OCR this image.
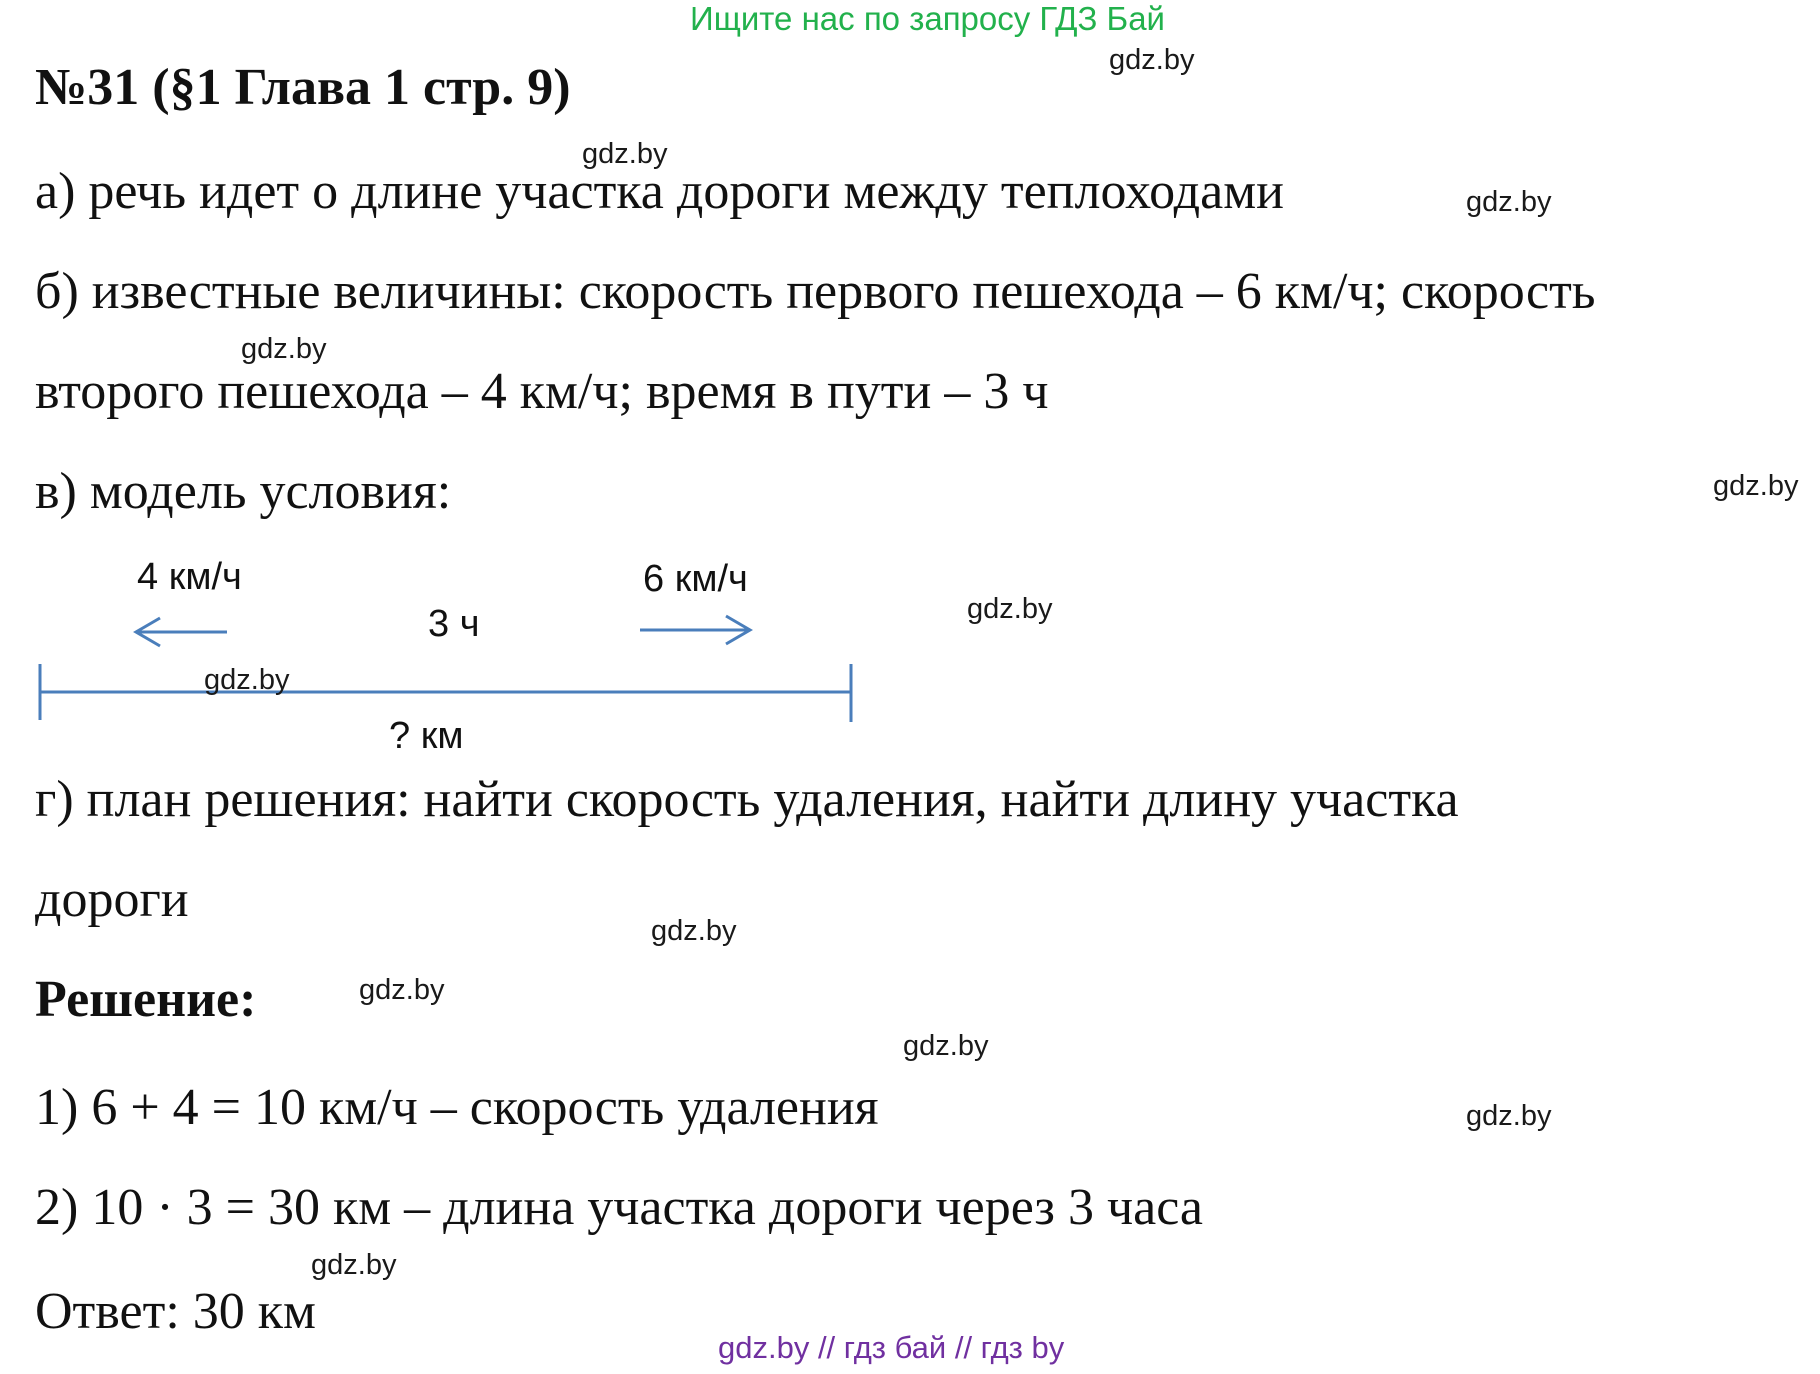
Ищите нас по запросу ГДЗ Бай
№31 (§1 Глава 1 стр. 9)
а) речь идет о длине участка дороги между теплоходами
б) известные величины: скорость первого пешехода – 6 км/ч; скорость
второго пешехода – 4 км/ч; время в пути – 3 ч
в) модель условия:
4 км/ч	6 км/ч
3 ч
? км
г) план решения: найти скорость удаления, найти длину участка
дороги
Решение:
1) 6 + 4 = 10 км/ч – скорость удаления
2) 10 · 3 = 30 км – длина участка дороги через 3 часа
Ответ: 30 км
gdz.by
gdz.by
gdz.by
gdz.by
gdz.by
gdz.by
gdz.by
gdz.by
gdz.by
gdz.by
gdz.by
gdz.by
gdz.by // гдз бай // гдз by
